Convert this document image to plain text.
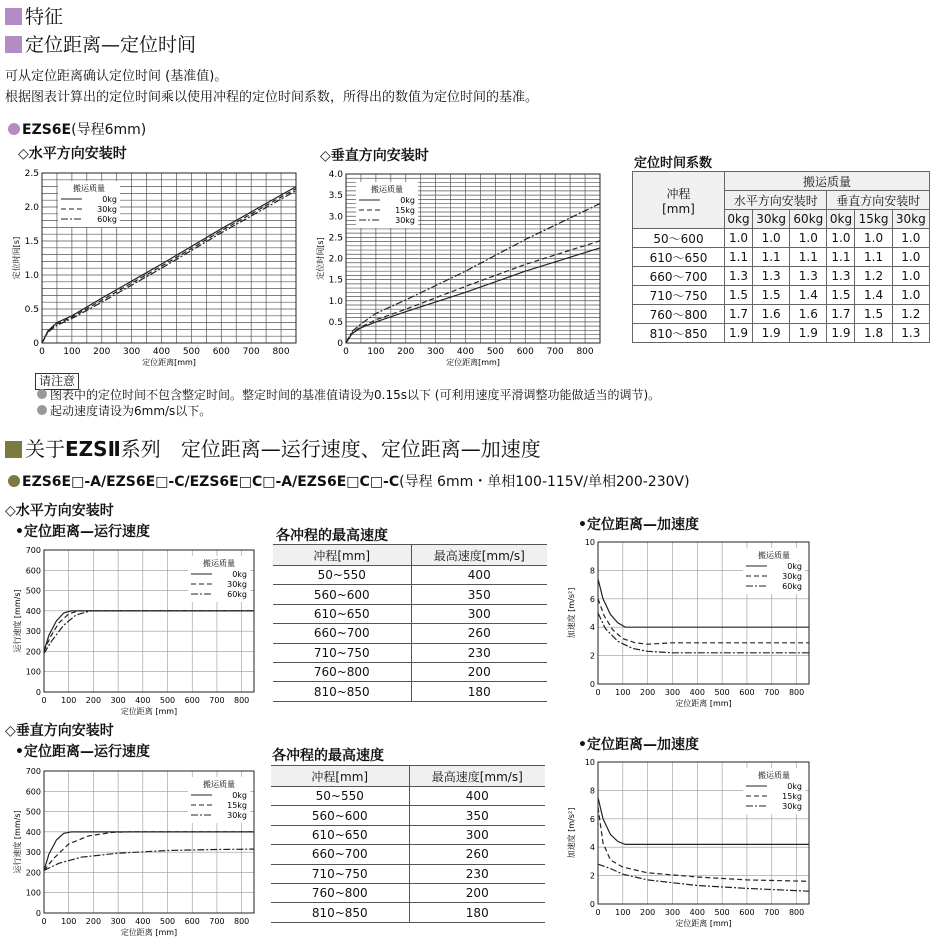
特征
定位距离—定位时间
可从定位距离确认定位时间 (基准值)。
根据图表计算出的定位时间乘以使用冲程的定位时间系数，所得出的数值为定位时间的基准。
EZS6E(导程6mm)
◇水平方向安装时	◇垂直方向安装时
0 100 200 300 400 500 600 700 800
0
0.5
1.0
1.5
2.0
2.5
定位距离[mm]
定位时间[s]
搬运质量
0kg
30kg
60kg
0 100 200 300 400 500 600 700 800
0
0.5
1.0
1.5
2.0
2.5
3.0
3.5
4.0
定位距离[mm]
定位时间[s]
搬运质量
0kg
15kg
30kg
定位时间系数
冲程
[mm]	搬运质量					
	水平方向安装时			垂直方向安装时		
	0kg	30kg	60kg	0kg	15kg	30kg
50～600	1.0	1.0	1.0	1.0	1.0	1.0
610～650	1.1	1.1	1.1	1.1	1.1	1.0
660～700	1.3	1.3	1.3	1.3	1.2	1.0
710～750	1.5	1.5	1.4	1.5	1.4	1.0
760～800	1.7	1.6	1.6	1.7	1.5	1.2
810～850	1.9	1.9	1.9	1.9	1.8	1.3
请注意
图表中的定位时间不包含整定时间。整定时间的基准值请设为0.15s以下 (可利用速度平滑调整功能做适当的调节)。
起动速度请设为6mm/s以下。
关于EZSⅡ系列　定位距离—运行速度、定位距离—加速度
EZS6E□-A/EZS6E□-C/EZS6E□C□-A/EZS6E□C□-C(导程 6mm・单相100-115V/单相200-230V)
◇水平方向安装时
•定位距离—运行速度	•定位距离—加速度
0 100 200 300 400 500 600 700 800
0
100
200
300
400
500
600
700
定位距离 [mm]
运行速度 [mm/s]
搬运质量
0kg
30kg
60kg
0 100 200 300 400 500 600 700 800
0
2
4
6
8
10
定位距离 [mm]
加速度 [m/s²]
搬运质量
0kg
30kg
60kg
各冲程的最高速度
冲程[mm]	最高速度[mm/s]
50~550	400
560~600	350
610~650	300
660~700	260
710~750	230
760~800	200
810~850	180
◇垂直方向安装时
•定位距离—运行速度	•定位距离—加速度
0 100 200 300 400 500 600 700 800
0
100
200
300
400
500
600
700
定位距离 [mm]
运行速度 [mm/s]
搬运质量
0kg
15kg
30kg
0 100 200 300 400 500 600 700 800
0
2
4
6
8
10
定位距离 [mm]
加速度 [m/s²]
搬运质量
0kg
15kg
30kg
各冲程的最高速度
冲程[mm]	最高速度[mm/s]
50~550	400
560~600	350
610~650	300
660~700	260
710~750	230
760~800	200
810~850	180
